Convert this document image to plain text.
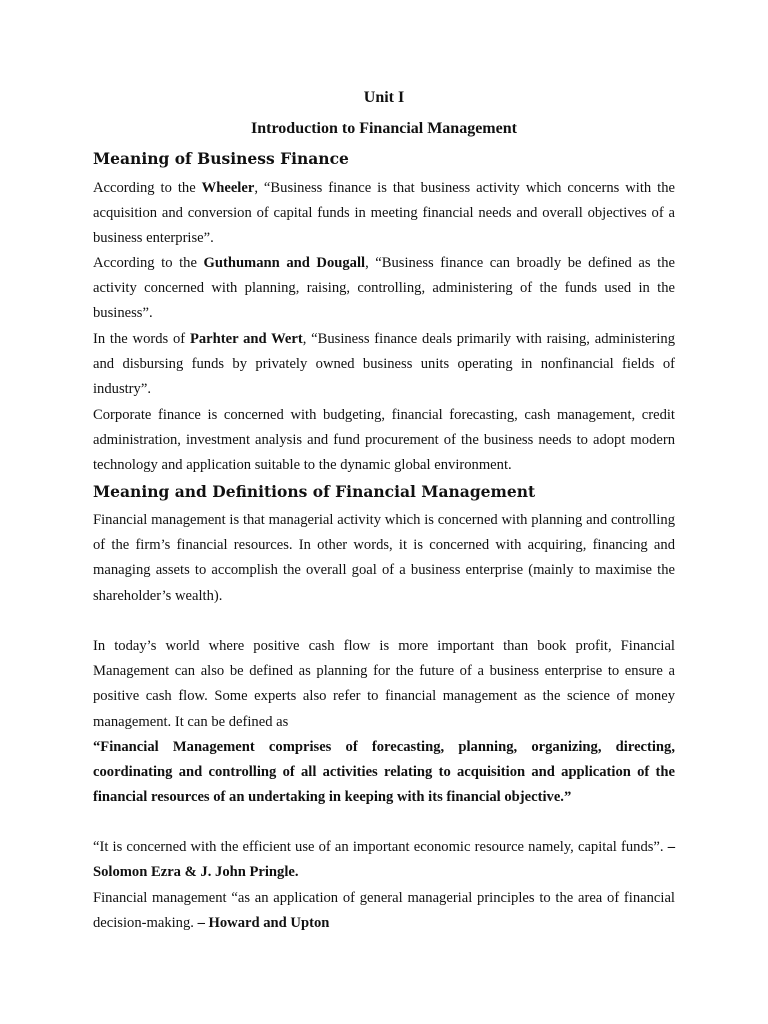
Unit I
Introduction to Financial Management
Meaning of Business Finance
According to the Wheeler, “Business finance is that business activity which concerns with the acquisition and conversion of capital funds in meeting financial needs and overall objectives of a business enterprise”.
According to the Guthumann and Dougall, “Business finance can broadly be defined as the activity concerned with planning, raising, controlling, administering of the funds used in the business”.
In the words of Parhter and Wert, “Business finance deals primarily with raising, administering and disbursing funds by privately owned business units operating in nonfinancial fields of industry”.
Corporate finance is concerned with budgeting, financial forecasting, cash management, credit administration, investment analysis and fund procurement of the business needs to adopt modern technology and application suitable to the dynamic global environment.
Meaning and Definitions of Financial Management
Financial management is that managerial activity which is concerned with planning and controlling of the firm’s financial resources. In other words, it is concerned with acquiring, financing and managing assets to accomplish the overall goal of a business enterprise (mainly to maximise the shareholder’s wealth).
In today’s world where positive cash flow is more important than book profit, Financial Management can also be defined as planning for the future of a business enterprise to ensure a positive cash flow. Some experts also refer to financial management as the science of money management. It can be defined as
“Financial Management comprises of forecasting, planning, organizing, directing, coordinating and controlling of all activities relating to acquisition and application of the financial resources of an undertaking in keeping with its financial objective.”
“It is concerned with the efficient use of an important economic resource namely, capital funds”. – Solomon Ezra & J. John Pringle.
Financial management “as an application of general managerial principles to the area of financial decision-making. – Howard and Upton
